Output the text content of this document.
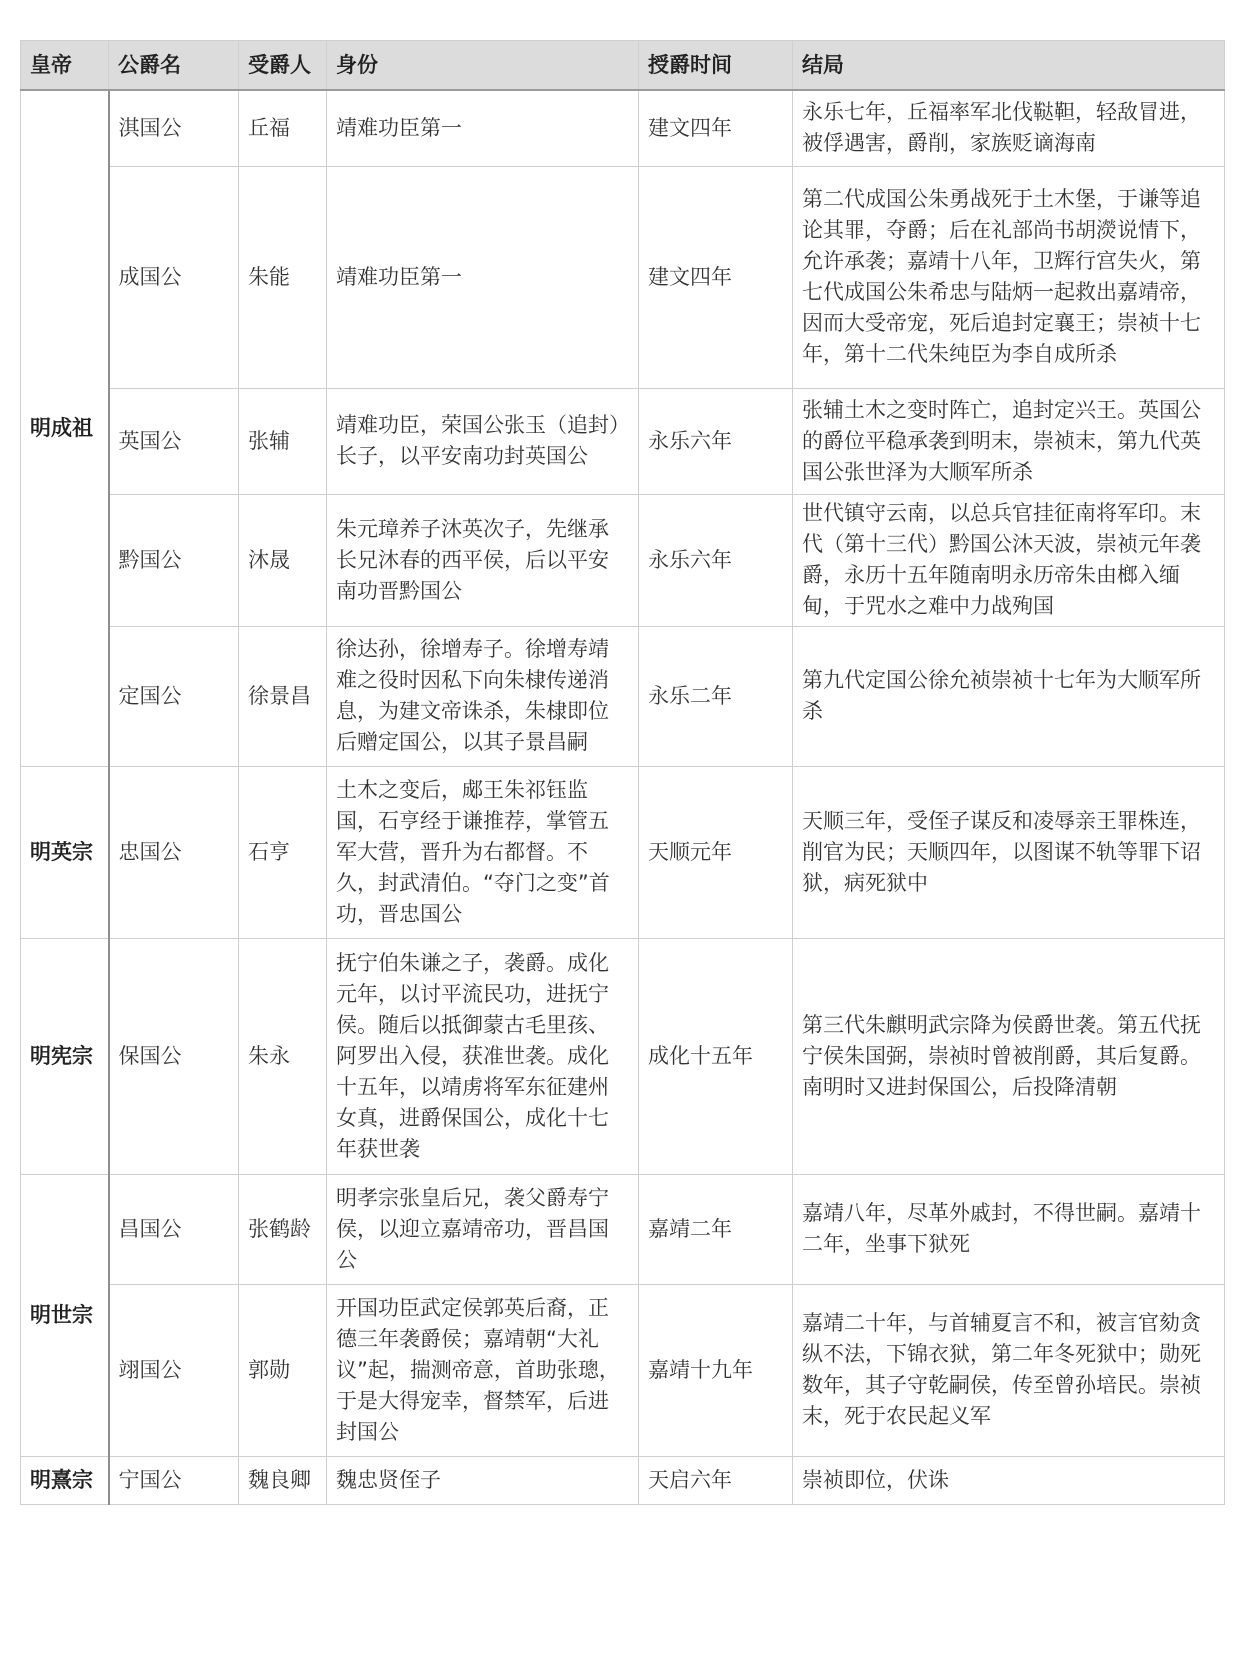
皇帝	公爵名	受爵人	身份	授爵时间	结局
明成祖	淇国公	丘福	靖难功臣第一	建文四年	永乐七年，丘福率军北伐鞑靼，轻敌冒进，被俘遇害，爵削，家族贬谪海南
	成国公	朱能	靖难功臣第一	建文四年	第二代成国公朱勇战死于土木堡，于谦等追论其罪，夺爵；后在礼部尚书胡濙说情下，允许承袭；嘉靖十八年，卫辉行宫失火，第七代成国公朱希忠与陆炳一起救出嘉靖帝，因而大受帝宠，死后追封定襄王；崇祯十七年，第十二代朱纯臣为李自成所杀
	英国公	张辅	靖难功臣，荣国公张玉（追封）长子，以平安南功封英国公	永乐六年	张辅土木之变时阵亡，追封定兴王。英国公的爵位平稳承袭到明末，崇祯末，第九代英国公张世泽为大顺军所杀
	黔国公	沐晟	朱元璋养子沐英次子，先继承长兄沐春的西平侯，后以平安南功晋黔国公	永乐六年	世代镇守云南，以总兵官挂征南将军印。末代（第十三代）黔国公沐天波，崇祯元年袭爵，永历十五年随南明永历帝朱由榔入缅甸，于咒水之难中力战殉国
	定国公	徐景昌	徐达孙，徐增寿子。徐增寿靖难之役时因私下向朱棣传递消息，为建文帝诛杀，朱棣即位后赠定国公，以其子景昌嗣	永乐二年	第九代定国公徐允祯崇祯十七年为大顺军所杀
明英宗	忠国公	石亨	土木之变后，郕王朱祁钰监国，石亨经于谦推荐，掌管五军大营，晋升为右都督。不久，封武清伯。“夺门之变”首功，晋忠国公	天顺元年	天顺三年，受侄子谋反和凌辱亲王罪株连，削官为民；天顺四年，以图谋不轨等罪下诏狱，病死狱中
明宪宗	保国公	朱永	抚宁伯朱谦之子，袭爵。成化元年，以讨平流民功，进抚宁侯。随后以抵御蒙古毛里孩、阿罗出入侵，获准世袭。成化十五年，以靖虏将军东征建州女真，进爵保国公，成化十七年获世袭	成化十五年	第三代朱麒明武宗降为侯爵世袭。第五代抚宁侯朱国弼，崇祯时曾被削爵，其后复爵。南明时又进封保国公，后投降清朝
明世宗	昌国公	张鹤龄	明孝宗张皇后兄，袭父爵寿宁侯，以迎立嘉靖帝功，晋昌国公	嘉靖二年	嘉靖八年，尽革外戚封，不得世嗣。嘉靖十二年，坐事下狱死
	翊国公	郭勋	开国功臣武定侯郭英后裔，正德三年袭爵侯；嘉靖朝“大礼议”起，揣测帝意，首助张璁，于是大得宠幸，督禁军，后进封国公	嘉靖十九年	嘉靖二十年，与首辅夏言不和，被言官劾贪纵不法，下锦衣狱，第二年冬死狱中；勋死数年，其子守乾嗣侯，传至曾孙培民。崇祯末，死于农民起义军
明熹宗	宁国公	魏良卿	魏忠贤侄子	天启六年	崇祯即位，伏诛
